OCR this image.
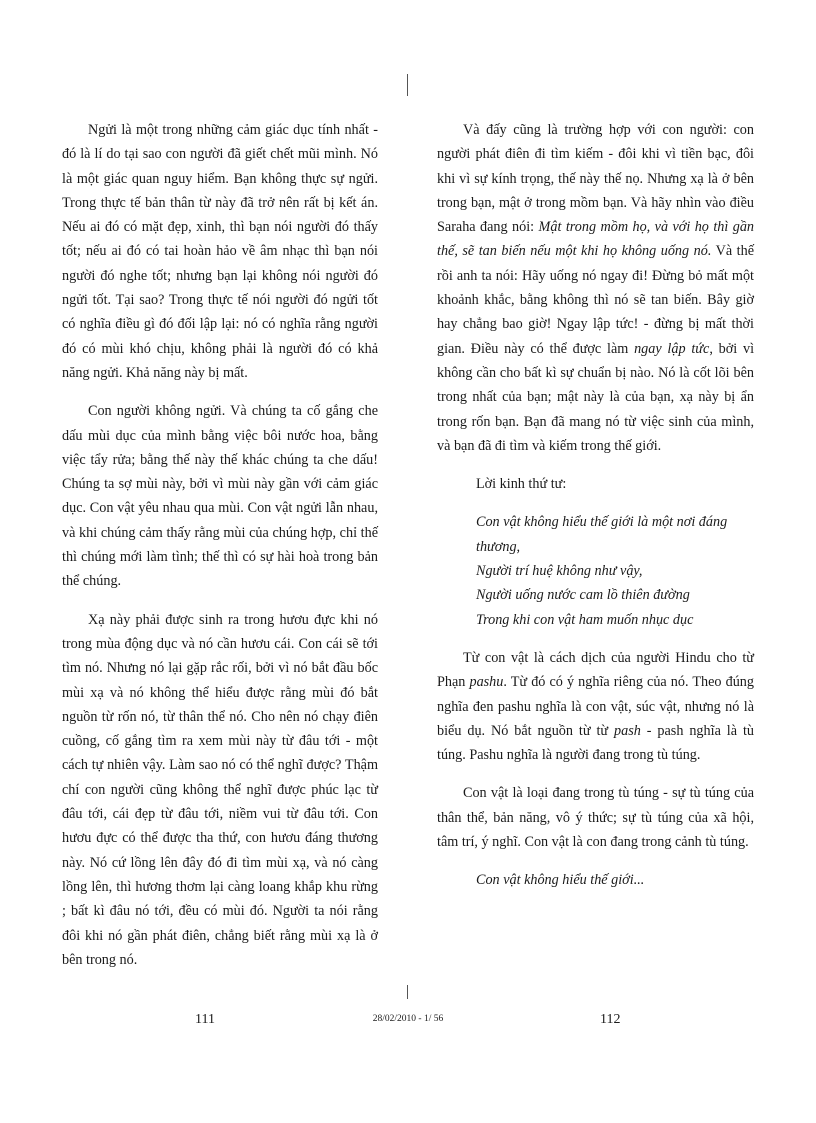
Ngửi là một trong những cảm giác dục tính nhất - đó là lí do tại sao con người đã giết chết mũi mình. Nó là một giác quan nguy hiểm. Bạn không thực sự ngửi. Trong thực tế bản thân từ này đã trở nên rất bị kết án. Nếu ai đó có mặt đẹp, xinh, thì bạn nói người đó thấy tốt; nếu ai đó có tai hoàn hảo về âm nhạc thì bạn nói người đó nghe tốt; nhưng bạn lại không nói người đó ngửi tốt. Tại sao? Trong thực tế nói người đó ngửi tốt có nghĩa điều gì đó đối lập lại: nó có nghĩa rằng người đó có mùi khó chịu, không phải là người đó có khả năng ngửi. Khả năng này bị mất.

Con người không ngửi. Và chúng ta cố gắng che dấu mùi dục của mình bằng việc bôi nước hoa, bằng việc tẩy rửa; bằng thế này thế khác chúng ta che dấu! Chúng ta sợ mùi này, bởi vì mùi này gần với cảm giác dục. Con vật yêu nhau qua mùi. Con vật ngửi lẫn nhau, và khi chúng cảm thấy rằng mùi của chúng hợp, chỉ thế thì chúng mới làm tình; thế thì có sự hài hoà trong bản thể chúng.

Xạ này phải được sinh ra trong hươu đực khi nó trong mùa động dục và nó cần hươu cái. Con cái sẽ tới tìm nó. Nhưng nó lại gặp rắc rối, bởi vì nó bắt đầu bốc mùi xạ và nó không thể hiểu được rằng mùi đó bắt nguồn từ rốn nó, từ thân thể nó. Cho nên nó chạy điên cuồng, cố gắng tìm ra xem mùi này từ đâu tới - một cách tự nhiên vậy. Làm sao nó có thể nghĩ được? Thậm chí con người cũng không thể nghĩ được phúc lạc từ đâu tới, cái đẹp từ đâu tới, niềm vui từ đâu tới. Con hươu đực có thể được tha thứ, con hươu đáng thương này. Nó cứ lồng lên đây đó đi tìm mùi xạ, và nó càng lồng lên, thì hương thơm lại càng loang khắp khu rừng ; bất kì đâu nó tới, đều có mùi đó. Người ta nói rằng đôi khi nó gần phát điên, chẳng biết rằng mùi xạ là ở bên trong nó.

Và đấy cũng là trường hợp với con người: con người phát điên đi tìm kiếm - đôi khi vì tiền bạc, đôi khi vì sự kính trọng, thế này thế nọ. Nhưng xạ là ở bên trong bạn, mật ở trong mồm bạn. Và hãy nhìn vào điều Saraha đang nói: Mật trong mồm họ, và với họ thì gần thế, sẽ tan biến nếu một khi họ không uống nó. Và thế rồi anh ta nói: Hãy uống nó ngay đi! Đừng bỏ mất một khoảnh khắc, bằng không thì nó sẽ tan biến. Bây giờ hay chẳng bao giờ! Ngay lập tức! - đừng bị mất thời gian. Điều này có thể được làm ngay lập tức, bởi vì không cần cho bất kì sự chuẩn bị nào. Nó là cốt lõi bên trong nhất của bạn; mật này là của bạn, xạ này bị ẩn trong rốn bạn. Bạn đã mang nó từ việc sinh của mình, và bạn đã đi tìm và kiếm trong thế giới.

Lời kinh thứ tư:

Con vật không hiểu thế giới là một nơi đáng thương,
Người trí huệ không như vậy,
Người uống nước cam lồ thiên đường
Trong khi con vật ham muốn nhục dục

Từ con vật là cách dịch của người Hindu cho từ Phạn pashu. Từ đó có ý nghĩa riêng của nó. Theo đúng nghĩa đen pashu nghĩa là con vật, súc vật, nhưng nó là biểu dụ. Nó bắt nguồn từ từ pash - pash nghĩa là tù túng. Pashu nghĩa là người đang trong tù túng.

Con vật là loại đang trong tù túng - sự tù túng của thân thể, bản năng, vô ý thức; sự tù túng của xã hội, tâm trí, ý nghĩ. Con vật là con đang trong cảnh tù túng.

Con vật không hiểu thế giới...

111	28/02/2010 - 1/ 56	112
